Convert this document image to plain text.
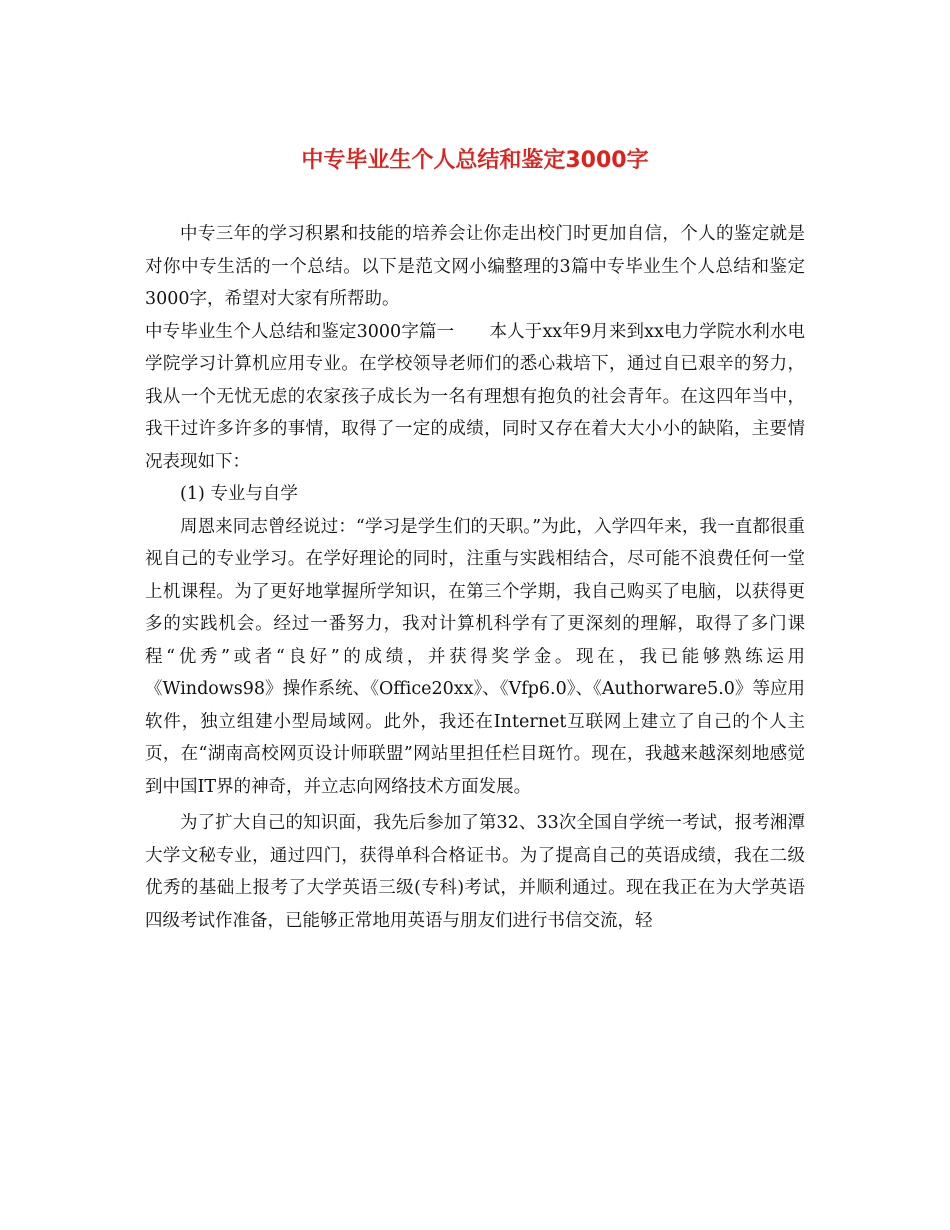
中专毕业生个人总结和鉴定3000字

中专三年的学习积累和技能的培养会让你走出校门时更加自信，个人的鉴定就是对你中专生活的一个总结。以下是范文网小编整理的3篇中专毕业生个人总结和鉴定3000字，希望对大家有所帮助。

中专毕业生个人总结和鉴定3000字篇一　　本人于xx年9月来到xx电力学院水利水电学院学习计算机应用专业。在学校领导老师们的悉心栽培下，通过自已艰辛的努力，我从一个无忧无虑的农家孩子成长为一名有理想有抱负的社会青年。在这四年当中，我干过许多许多的事情，取得了一定的成绩，同时又存在着大大小小的缺陷，主要情况表现如下：

(1) 专业与自学

周恩来同志曾经说过：“学习是学生们的天职。”为此，入学四年来，我一直都很重视自己的专业学习。在学好理论的同时，注重与实践相结合，尽可能不浪费任何一堂上机课程。为了更好地掌握所学知识，在第三个学期，我自己购买了电脑，以获得更多的实践机会。经过一番努力，我对计算机科学有了更深刻的理解，取得了多门课程“优秀”或者“良好”的成绩，并获得奖学金。现在，我已能够熟练运用《Windows98》操作系统、《Office20xx》、《Vfp6.0》、《Authorware5.0》等应用软件，独立组建小型局域网。此外，我还在Internet互联网上建立了自己的个人主页，在“湖南高校网页设计师联盟”网站里担任栏目斑竹。现在，我越来越深刻地感觉到中国IT界的神奇，并立志向网络技术方面发展。

为了扩大自己的知识面，我先后参加了第32、33次全国自学统一考试，报考湘潭大学文秘专业，通过四门，获得单科合格证书。为了提高自己的英语成绩，我在二级优秀的基础上报考了大学英语三级(专科)考试，并顺利通过。现在我正在为大学英语四级考试作准备，已能够正常地用英语与朋友们进行书信交流，轻
